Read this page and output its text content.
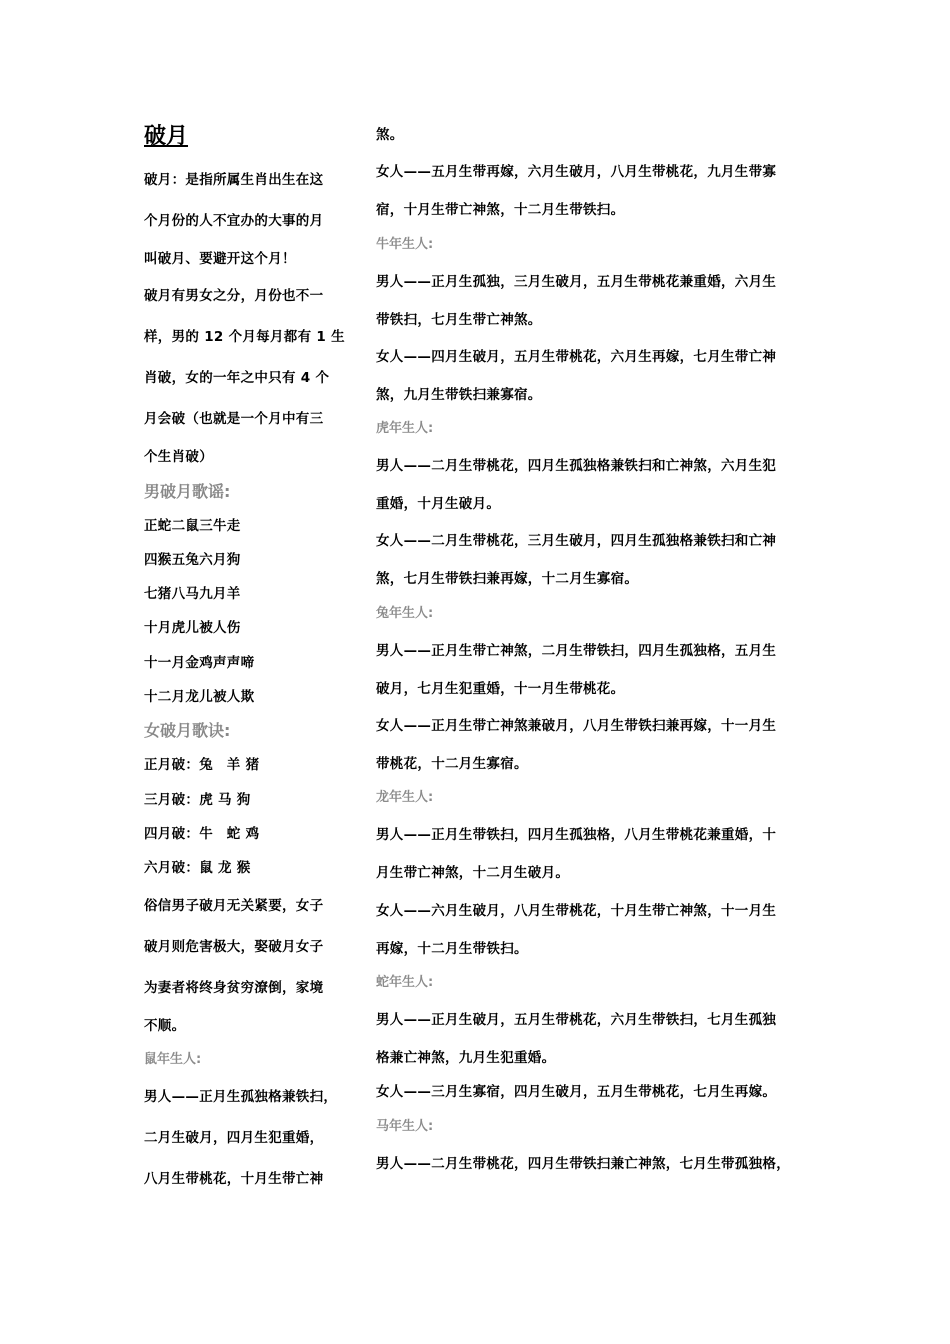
破月

破月：是指所属生肖出生在这

个月份的人不宜办的大事的月

叫破月、要避开这个月！

破月有男女之分，月份也不一

样，男的 12 个月每月都有 1 生

肖破，女的一年之中只有 4 个

月会破（也就是一个月中有三

个生肖破）

男破月歌谣:

正蛇二鼠三牛走

四猴五兔六月狗

七猪八马九月羊

十月虎儿被人伤

十一月金鸡声声啼

十二月龙儿被人欺

女破月歌诀:

正月破：兔　羊 猪

三月破：虎 马 狗

四月破：牛　蛇 鸡

六月破：鼠 龙 猴

俗信男子破月无关紧要，女子

破月则危害极大，娶破月女子

为妻者将终身贫穷潦倒，家境

不顺。

鼠年生人:

男人——正月生孤独格兼铁扫，

二月生破月，四月生犯重婚，

八月生带桃花，十月生带亡神

煞。

女人——五月生带再嫁，六月生破月，八月生带桃花，九月生带寡

宿，十月生带亡神煞，十二月生带铁扫。

牛年生人:

男人——正月生孤独，三月生破月，五月生带桃花兼重婚，六月生

带铁扫，七月生带亡神煞。

女人——四月生破月，五月生带桃花，六月生再嫁，七月生带亡神

煞，九月生带铁扫兼寡宿。

虎年生人:

男人——二月生带桃花，四月生孤独格兼铁扫和亡神煞，六月生犯

重婚，十月生破月。

女人——二月生带桃花，三月生破月，四月生孤独格兼铁扫和亡神

煞，七月生带铁扫兼再嫁，十二月生寡宿。

兔年生人:

男人——正月生带亡神煞，二月生带铁扫，四月生孤独格，五月生

破月，七月生犯重婚，十一月生带桃花。

女人——正月生带亡神煞兼破月，八月生带铁扫兼再嫁，十一月生

带桃花，十二月生寡宿。

龙年生人:

男人——正月生带铁扫，四月生孤独格，八月生带桃花兼重婚，十

月生带亡神煞，十二月生破月。

女人——六月生破月，八月生带桃花，十月生带亡神煞，十一月生

再嫁，十二月生带铁扫。

蛇年生人:

男人——正月生破月，五月生带桃花，六月生带铁扫，七月生孤独

格兼亡神煞，九月生犯重婚。

女人——三月生寡宿，四月生破月，五月生带桃花，七月生再嫁。

马年生人:

男人——二月生带桃花，四月生带铁扫兼亡神煞，七月生带孤独格，
